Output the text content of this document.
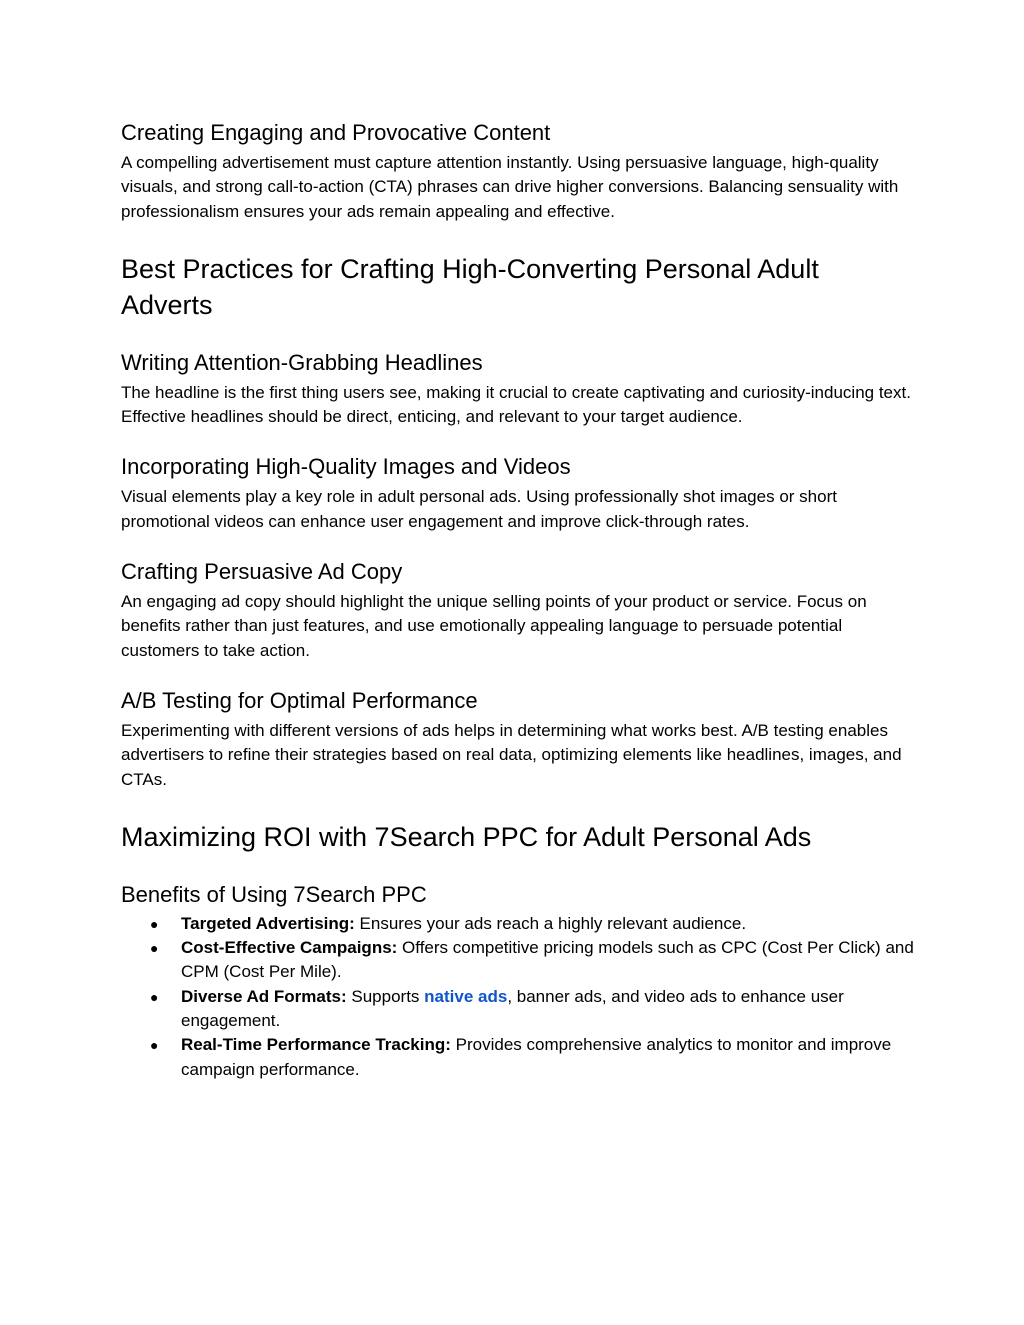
Creating Engaging and Provocative Content

A compelling advertisement must capture attention instantly. Using persuasive language, high-quality visuals, and strong call-to-action (CTA) phrases can drive higher conversions. Balancing sensuality with professionalism ensures your ads remain appealing and effective.

Best Practices for Crafting High-Converting Personal Adult Adverts
Writing Attention-Grabbing Headlines

The headline is the first thing users see, making it crucial to create captivating and curiosity-inducing text. Effective headlines should be direct, enticing, and relevant to your target audience.

Incorporating High-Quality Images and Videos

Visual elements play a key role in adult personal ads. Using professionally shot images or short promotional videos can enhance user engagement and improve click-through rates.

Crafting Persuasive Ad Copy

An engaging ad copy should highlight the unique selling points of your product or service. Focus on benefits rather than just features, and use emotionally appealing language to persuade potential customers to take action.

A/B Testing for Optimal Performance

Experimenting with different versions of ads helps in determining what works best. A/B testing enables advertisers to refine their strategies based on real data, optimizing elements like headlines, images, and CTAs.

Maximizing ROI with 7Search PPC for Adult Personal Ads
Benefits of Using 7Search PPC
● Targeted Advertising: Ensures your ads reach a highly relevant audience.
● Cost-Effective Campaigns: Offers competitive pricing models such as CPC (Cost Per Click) and CPM (Cost Per Mile).
● Diverse Ad Formats: Supports native ads, banner ads, and video ads to enhance user engagement.
● Real-Time Performance Tracking: Provides comprehensive analytics to monitor and improve campaign performance.
